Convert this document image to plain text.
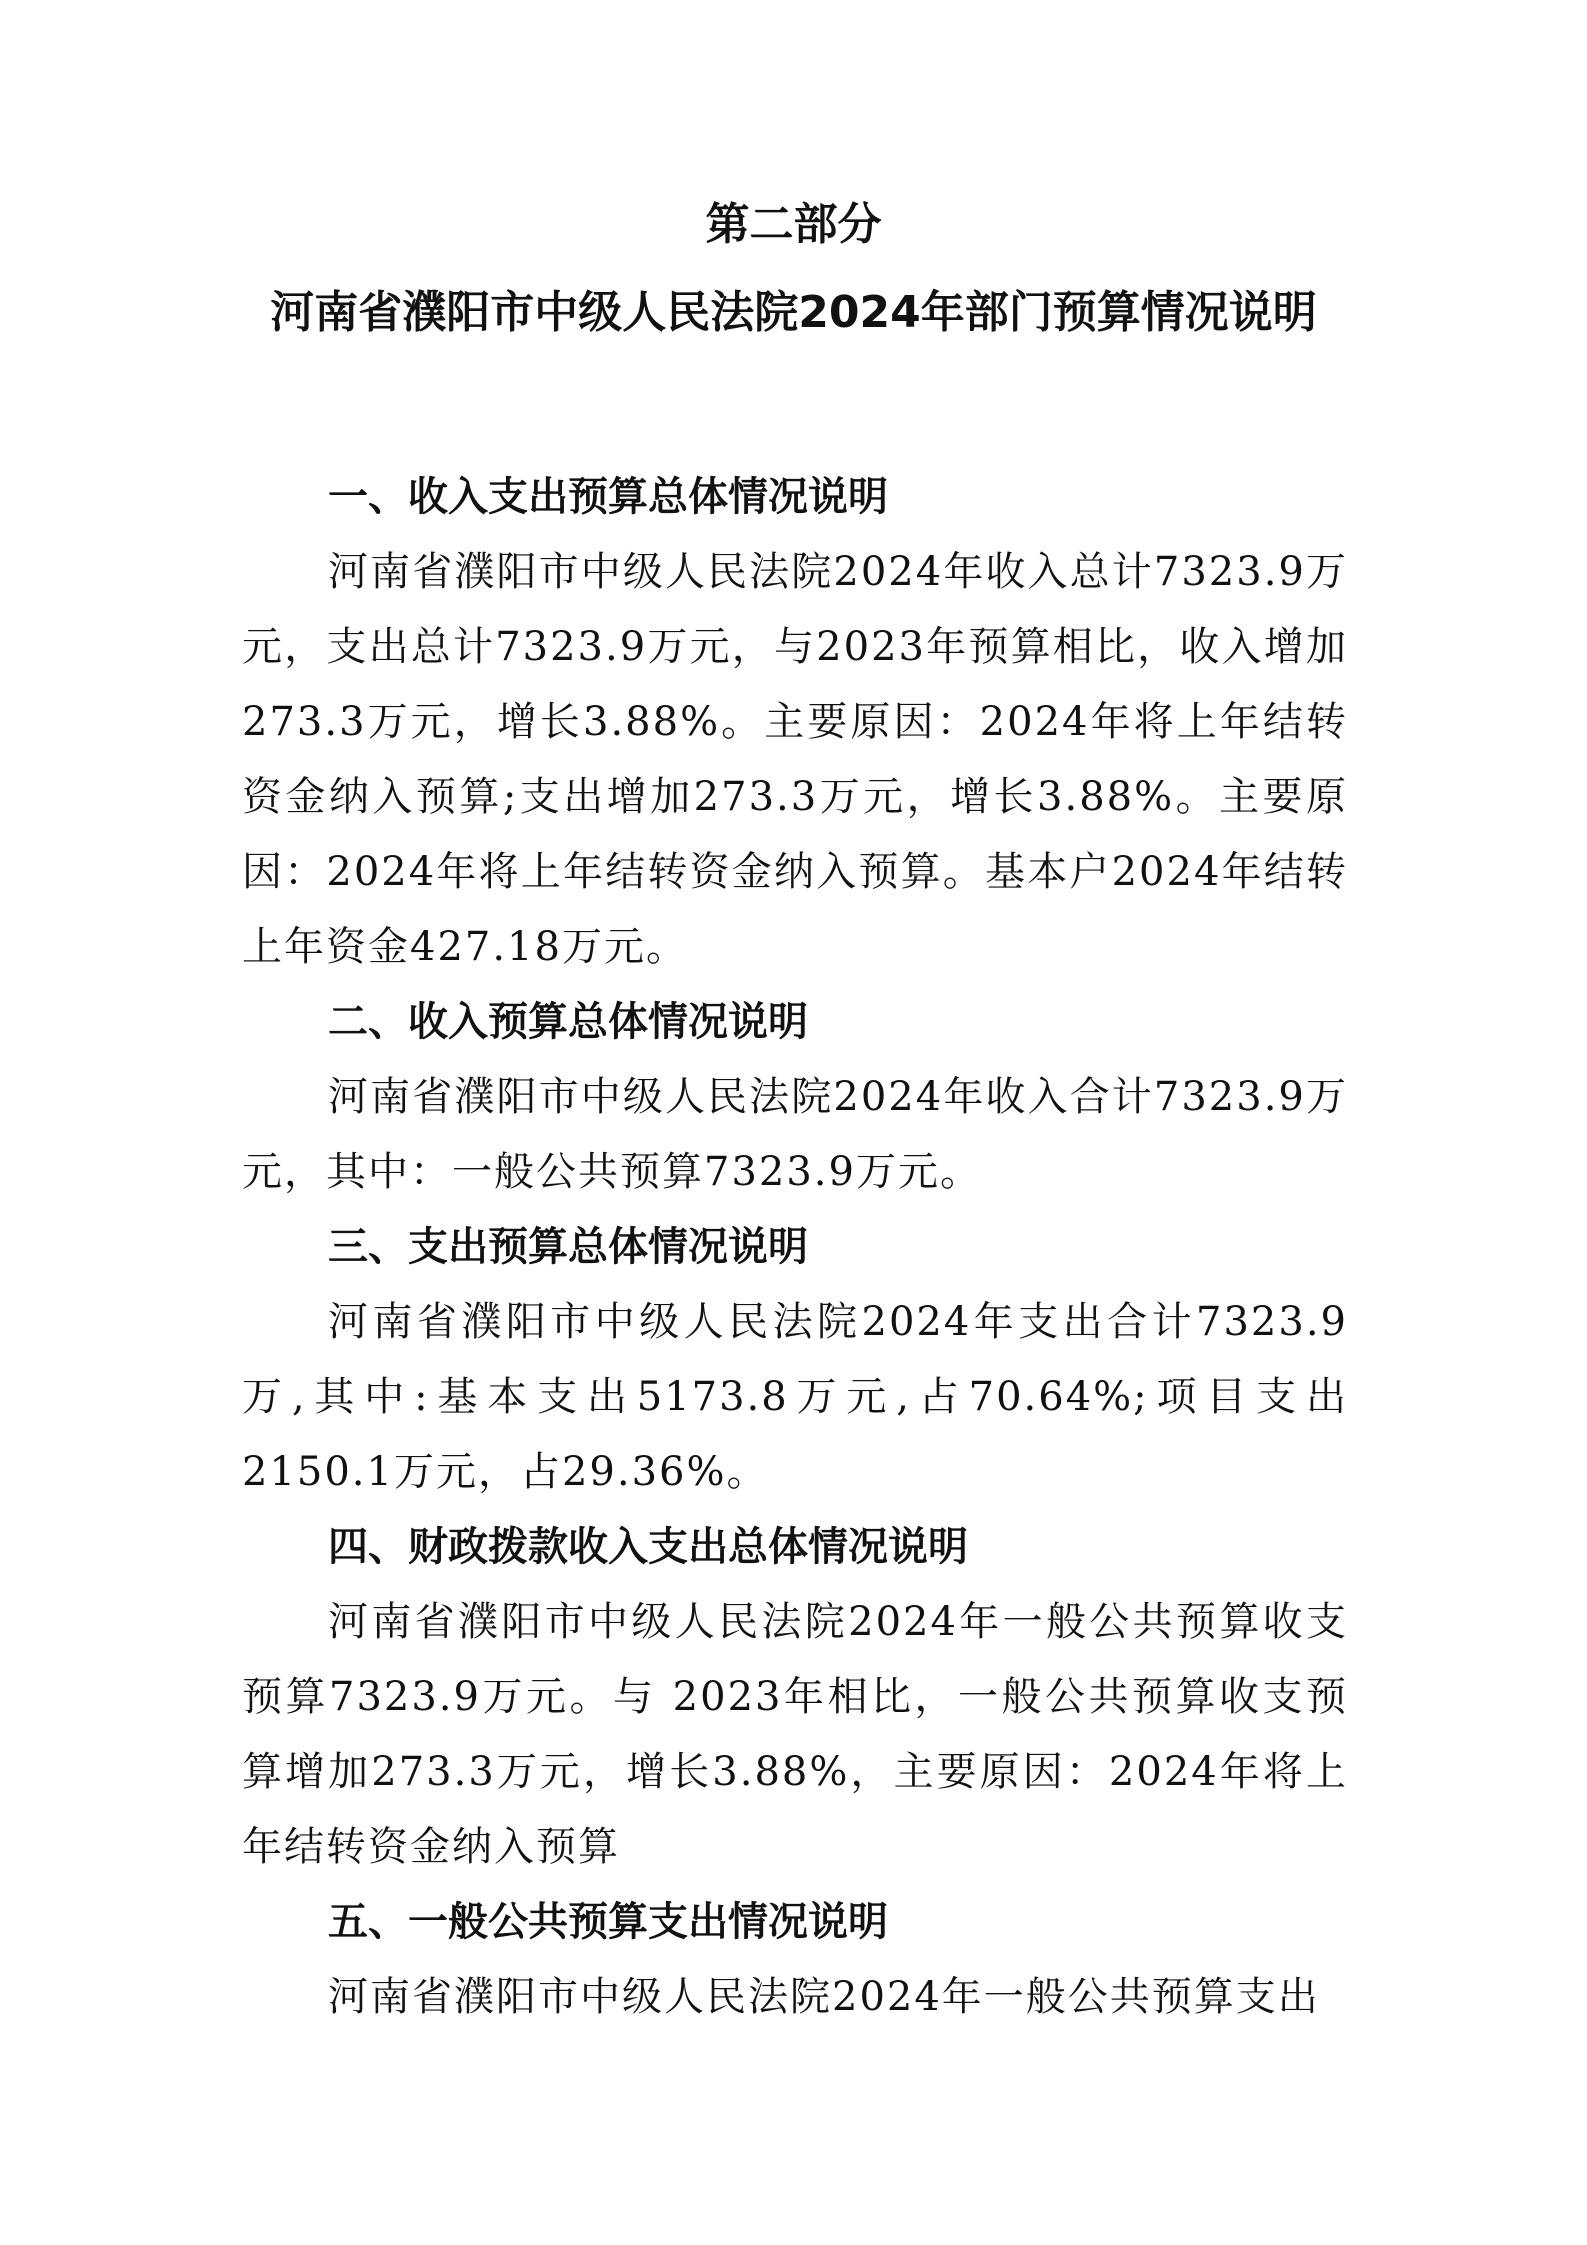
第二部分
河南省濮阳市中级人民法院2024年部门预算情况说明

一、收入支出预算总体情况说明

河南省濮阳市中级人民法院2024年收入总计7323.9万元，支出总计7323.9万元，与2023年预算相比，收入增加273.3万元，增长3.88%。主要原因：2024年将上年结转资金纳入预算;支出增加273.3万元，增长3.88%。主要原因：2024年将上年结转资金纳入预算。基本户2024年结转上年资金427.18万元。

二、收入预算总体情况说明

河南省濮阳市中级人民法院2024年收入合计7323.9万元，其中：一般公共预算7323.9万元。

三、支出预算总体情况说明

河南省濮阳市中级人民法院2024年支出合计7323.9万,其中:基本支出5173.8万元,占70.64%;项目支出2150.1万元，占29.36%。

四、财政拨款收入支出总体情况说明

河南省濮阳市中级人民法院2024年一般公共预算收支预算7323.9万元。与 2023年相比，一般公共预算收支预算增加273.3万元，增长3.88%，主要原因：2024年将上年结转资金纳入预算

五、一般公共预算支出情况说明

河南省濮阳市中级人民法院2024年一般公共预算支出
